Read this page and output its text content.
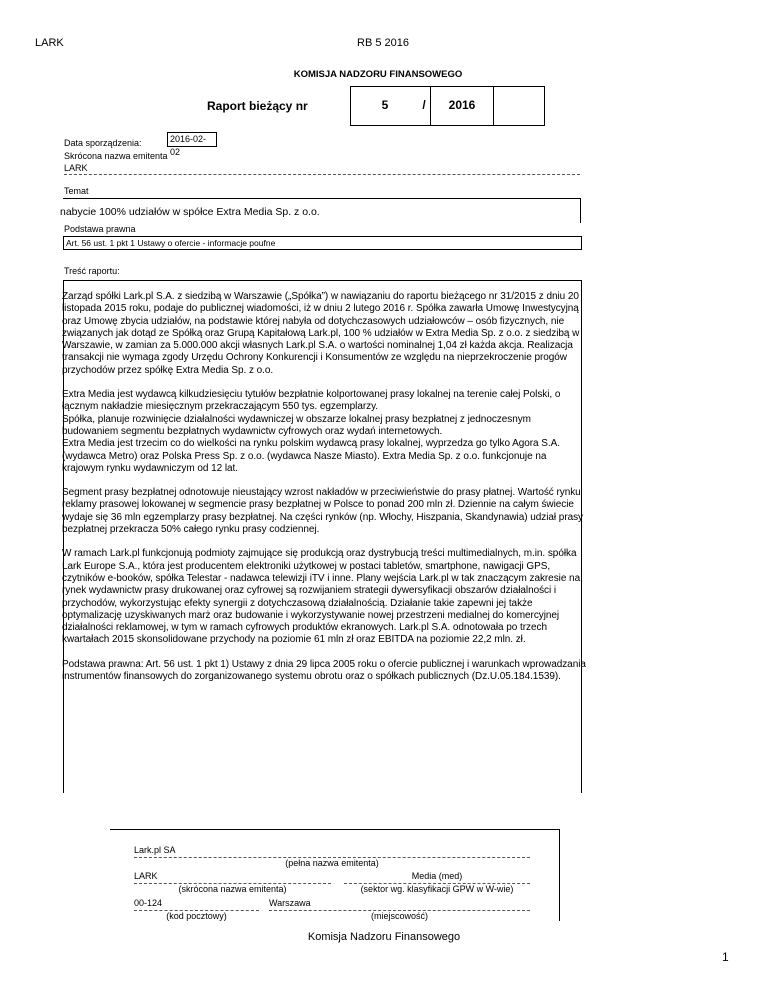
LARK	RB 5 2016
KOMISJA NADZORU FINANSOWEGO
Raport bieżący nr	5	/	2016
Data sporządzenia:	2016-02-02
Skrócona nazwa emitenta
LARK
Temat
nabycie 100% udziałów w spółce Extra Media Sp. z o.o.
Podstawa prawna
Art. 56 ust. 1 pkt 1 Ustawy o ofercie - informacje poufne
Treść raportu:

Zarząd spółki Lark.pl S.A. z siedzibą w Warszawie („Spółka”) w nawiązaniu do raportu bieżącego nr 31/2015 z dniu 20 listopada 2015 roku, podaje do publicznej wiadomości, iż w dniu 2 lutego 2016 r. Spółka zawarła Umowę Inwestycyjną oraz Umowę zbycia udziałów, na podstawie której nabyła od dotychczasowych udziałowców – osób fizycznych, nie związanych jak dotąd ze Spółką oraz Grupą Kapitałową Lark.pl, 100 % udziałów w Extra Media Sp. z o.o. z siedzibą w Warszawie, w zamian za 5.000.000 akcji własnych Lark.pl S.A. o wartości nominalnej 1,04 zł każda akcja. Realizacja transakcji nie wymaga zgody Urzędu Ochrony Konkurencji i Konsumentów ze względu na nieprzekroczenie progów przychodów przez spółkę Extra Media Sp. z o.o.

Extra Media jest wydawcą kilkudziesięciu tytułów bezpłatnie kolportowanej prasy lokalnej na terenie całej Polski, o łącznym nakładzie miesięcznym przekraczającym 550 tys. egzemplarzy.
Spółka, planuje rozwinięcie działalności wydawniczej w obszarze lokalnej prasy bezpłatnej z jednoczesnym budowaniem segmentu bezpłatnych wydawnictw cyfrowych oraz wydań internetowych.
Extra Media jest trzecim co do wielkości na rynku polskim wydawcą prasy lokalnej, wyprzedza go tylko Agora S.A. (wydawca Metro) oraz Polska Press Sp. z o.o. (wydawca Nasze Miasto). Extra Media Sp. z o.o. funkcjonuje na krajowym rynku wydawniczym od 12 lat.

Segment prasy bezpłatnej odnotowuje nieustający wzrost nakładów w przeciwieństwie do prasy płatnej. Wartość rynku reklamy prasowej lokowanej w segmencie prasy bezpłatnej w Polsce to ponad 200 mln zł. Dziennie na całym świecie wydaje się 36 mln egzemplarzy prasy bezpłatnej. Na części rynków (np. Włochy, Hiszpania, Skandynawia) udział prasy bezpłatnej przekracza 50% całego rynku prasy codziennej.

W ramach Lark.pl funkcjonują podmioty zajmujące się produkcją oraz dystrybucją treści multimedialnych, m.in. spółka Lark Europe S.A., która jest producentem elektroniki użytkowej w postaci tabletów, smartphone, nawigacji GPS, czytników e-booków, spółka Telestar - nadawca telewizji iTV i inne. Plany wejścia Lark.pl w tak znaczącym zakresie na rynek wydawnictw prasy drukowanej oraz cyfrowej są rozwijaniem strategii dywersyfikacji obszarów działalności i przychodów, wykorzystując efekty synergii z dotychczasową działalnością. Działanie takie zapewni jej także optymalizację uzyskiwanych marż oraz budowanie i wykorzystywanie nowej przestrzeni medialnej do komercyjnej działalności reklamowej, w tym w ramach cyfrowych produktów ekranowych. Lark.pl S.A. odnotowała po trzech kwartałach 2015 skonsolidowane przychody na poziomie 61 mln zł oraz EBITDA na poziomie 22,2 mln. zł.

Podstawa prawna: Art. 56 ust. 1 pkt 1) Ustawy z dnia 29 lipca 2005 roku o ofercie publicznej i warunkach wprowadzania instrumentów finansowych do zorganizowanego systemu obrotu oraz o spółkach publicznych (Dz.U.05.184.1539).

Lark.pl SA
(pełna nazwa emitenta)
LARK
(skrócona nazwa emitenta)
Media (med)
(sektor wg. klasyfikacji GPW w W-wie)
00-124
(kod pocztowy)
Warszawa
(miejscowość)
Komisja Nadzoru Finansowego
1
